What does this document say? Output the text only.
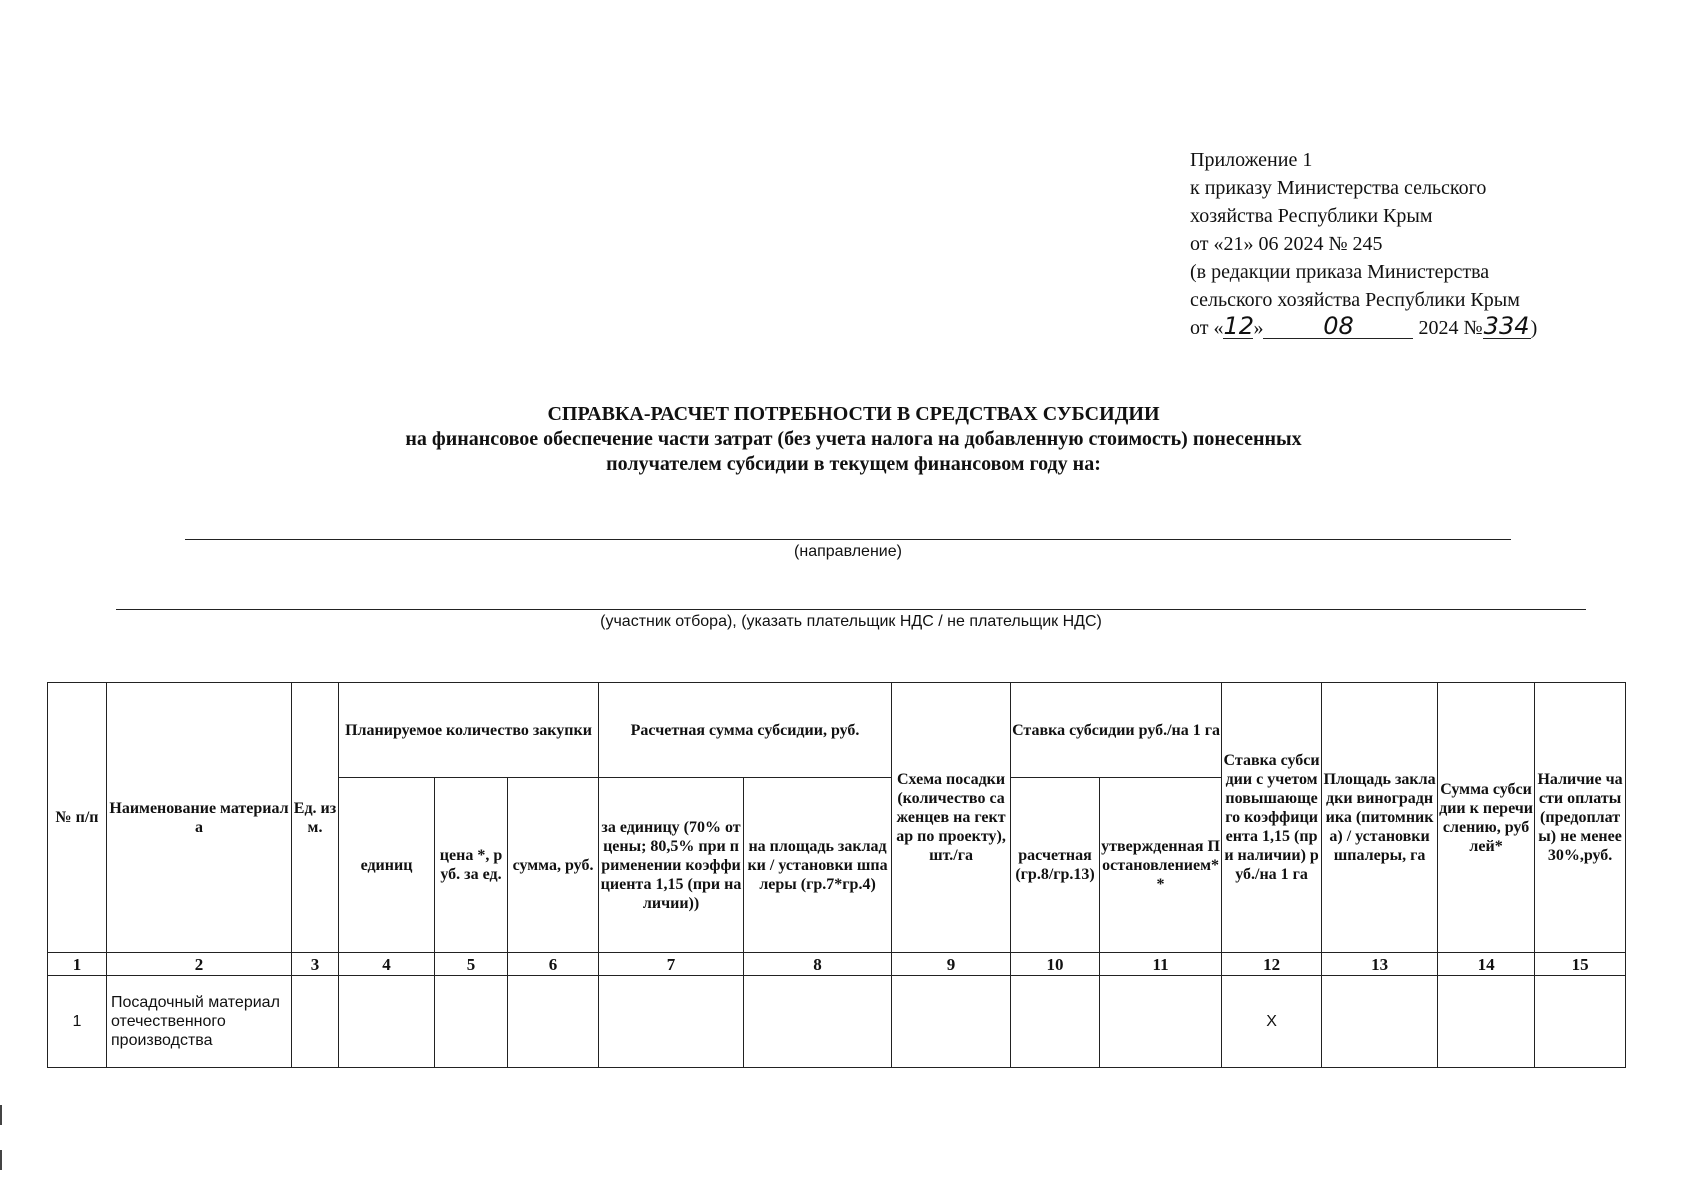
Приложение 1
к приказу Министерства сельского
хозяйства Республики Крым
от «21» 06 2024 № 245
(в редакции приказа Министерства
сельского хозяйства Республики Крым
от «12» 08	2024 №334)
СПРАВКА-РАСЧЕТ ПОТРЕБНОСТИ В СРЕДСТВАХ СУБСИДИИ
на финансовое обеспечение части затрат (без учета налога на добавленную стоимость) понесенных
получателем субсидии в текущем финансовом году на:
(направление)
(участник отбора), (указать плательщик НДС / не плательщик НДС)
№ п/п	Наименование материала	Ед. изм.	Планируемое количество закупки			Расчетная сумма субсидии, руб.		Схема посадки (количество саженцев на гектар по проекту), шт./га	Ставка субсидии руб./на 1 га		Ставка субсидии с учетом повышающего коэффициента 1,15 (при наличии) руб./на 1 га	Площадь закладки виноградника (питомника) / установки шпалеры, га	Сумма субсидии к перечислению, рублей*	Наличие части оплаты (предоплаты) не менее 30%,руб.
			единиц	цена *, руб. за ед.	сумма, руб.	за единицу (70% от цены; 80,5% при применении коэффициента 1,15 (при наличии))	на площадь закладки / установки шпалеры (гр.7*гр.4)		расчетная (гр.8/гр.13)	утвержденная Постановлением**				
1	2	3	4	5	6	7	8	9	10	11	12	13	14	15
1	Посадочный материал отечественного производства										Х			
